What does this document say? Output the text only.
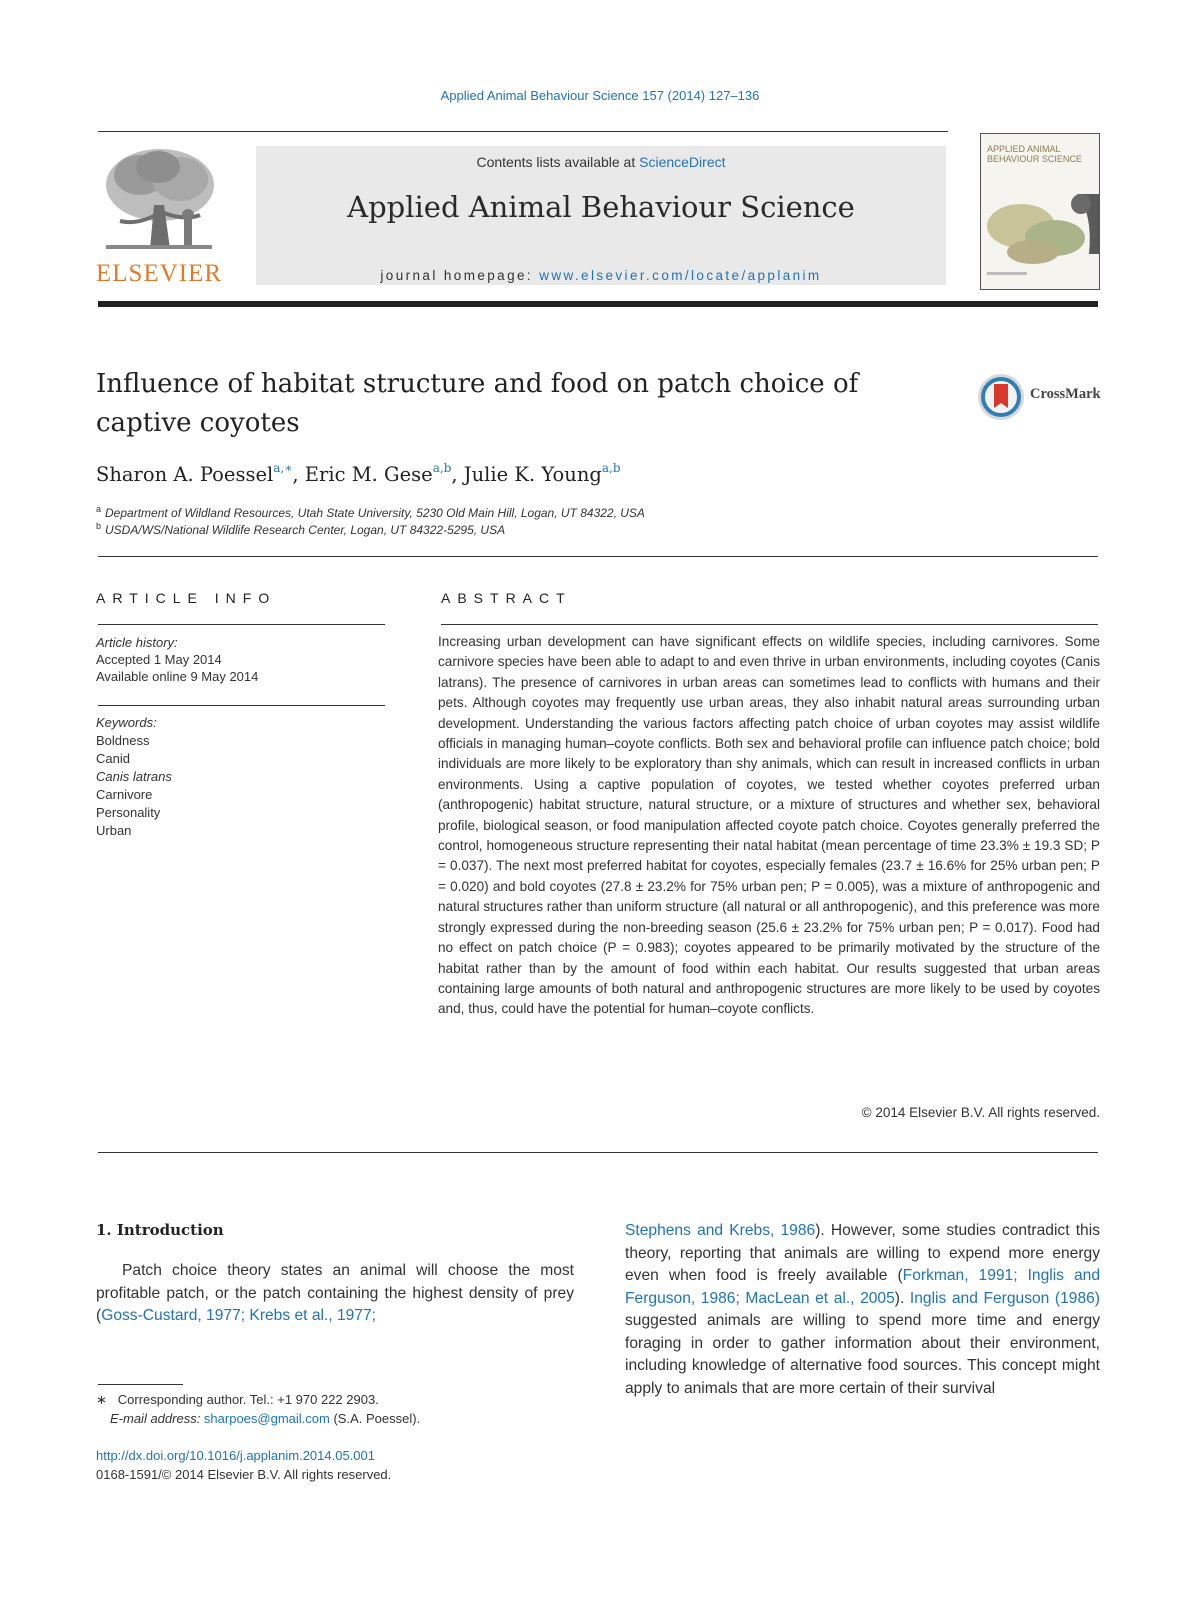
Applied Animal Behaviour Science 157 (2014) 127–136
ELSEVIER
Contents lists available at ScienceDirect
Applied Animal Behaviour Science
journal homepage: www.elsevier.com/locate/applanim
APPLIED ANIMAL BEHAVIOUR SCIENCE
Influence of habitat structure and food on patch choice of
captive coyotes
CrossMark
Sharon A. Poessel$^{a,∗}$, Eric M. Gese$^{a,b}$, Julie K. Young$^{a,b}$
$^a$ Department of Wildland Resources, Utah State University, 5230 Old Main Hill, Logan, UT 84322, USA
$^b$ USDA/WS/National Wildlife Research Center, Logan, UT 84322-5295, USA
ARTICLE INFO	ABSTRACT
Article history:
Accepted 1 May 2014
Available online 9 May 2014
Keywords:
Boldness
Canid
Canis latrans
Carnivore
Personality
Urban
Increasing urban development can have significant effects on wildlife species, including carnivores. Some carnivore species have been able to adapt to and even thrive in urban environments, including coyotes (Canis latrans). The presence of carnivores in urban areas can sometimes lead to conflicts with humans and their pets. Although coyotes may frequently use urban areas, they also inhabit natural areas surrounding urban development. Understanding the various factors affecting patch choice of urban coyotes may assist wildlife officials in managing human–coyote conflicts. Both sex and behavioral profile can influence patch choice; bold individuals are more likely to be exploratory than shy animals, which can result in increased conflicts in urban environments. Using a captive population of coyotes, we tested whether coyotes preferred urban (anthropogenic) habitat structure, natural structure, or a mixture of structures and whether sex, behavioral profile, biological season, or food manipulation affected coyote patch choice. Coyotes generally preferred the control, homogeneous structure representing their natal habitat (mean percentage of time 23.3% ± 19.3 SD; P = 0.037). The next most preferred habitat for coyotes, especially females (23.7 ± 16.6% for 25% urban pen; P = 0.020) and bold coyotes (27.8 ± 23.2% for 75% urban pen; P = 0.005), was a mixture of anthropogenic and natural structures rather than uniform structure (all natural or all anthropogenic), and this preference was more strongly expressed during the non-breeding season (25.6 ± 23.2% for 75% urban pen; P = 0.017). Food had no effect on patch choice (P = 0.983); coyotes appeared to be primarily motivated by the structure of the habitat rather than by the amount of food within each habitat. Our results suggested that urban areas containing large amounts of both natural and anthropogenic structures are more likely to be used by coyotes and, thus, could have the potential for human–coyote conflicts.
© 2014 Elsevier B.V. All rights reserved.
1. Introduction
Patch choice theory states an animal will choose the most profitable patch, or the patch containing the highest density of prey (Goss-Custard, 1977; Krebs et al., 1977;
Stephens and Krebs, 1986). However, some studies contradict this theory, reporting that animals are willing to expend more energy even when food is freely available (Forkman, 1991; Inglis and Ferguson, 1986; MacLean et al., 2005). Inglis and Ferguson (1986) suggested animals are willing to spend more time and energy foraging in order to gather information about their environment, including knowledge of alternative food sources. This concept might apply to animals that are more certain of their survival
∗ Corresponding author. Tel.: +1 970 222 2903.
E-mail address: sharpoes@gmail.com (S.A. Poessel).
http://dx.doi.org/10.1016/j.applanim.2014.05.001
0168-1591/© 2014 Elsevier B.V. All rights reserved.
